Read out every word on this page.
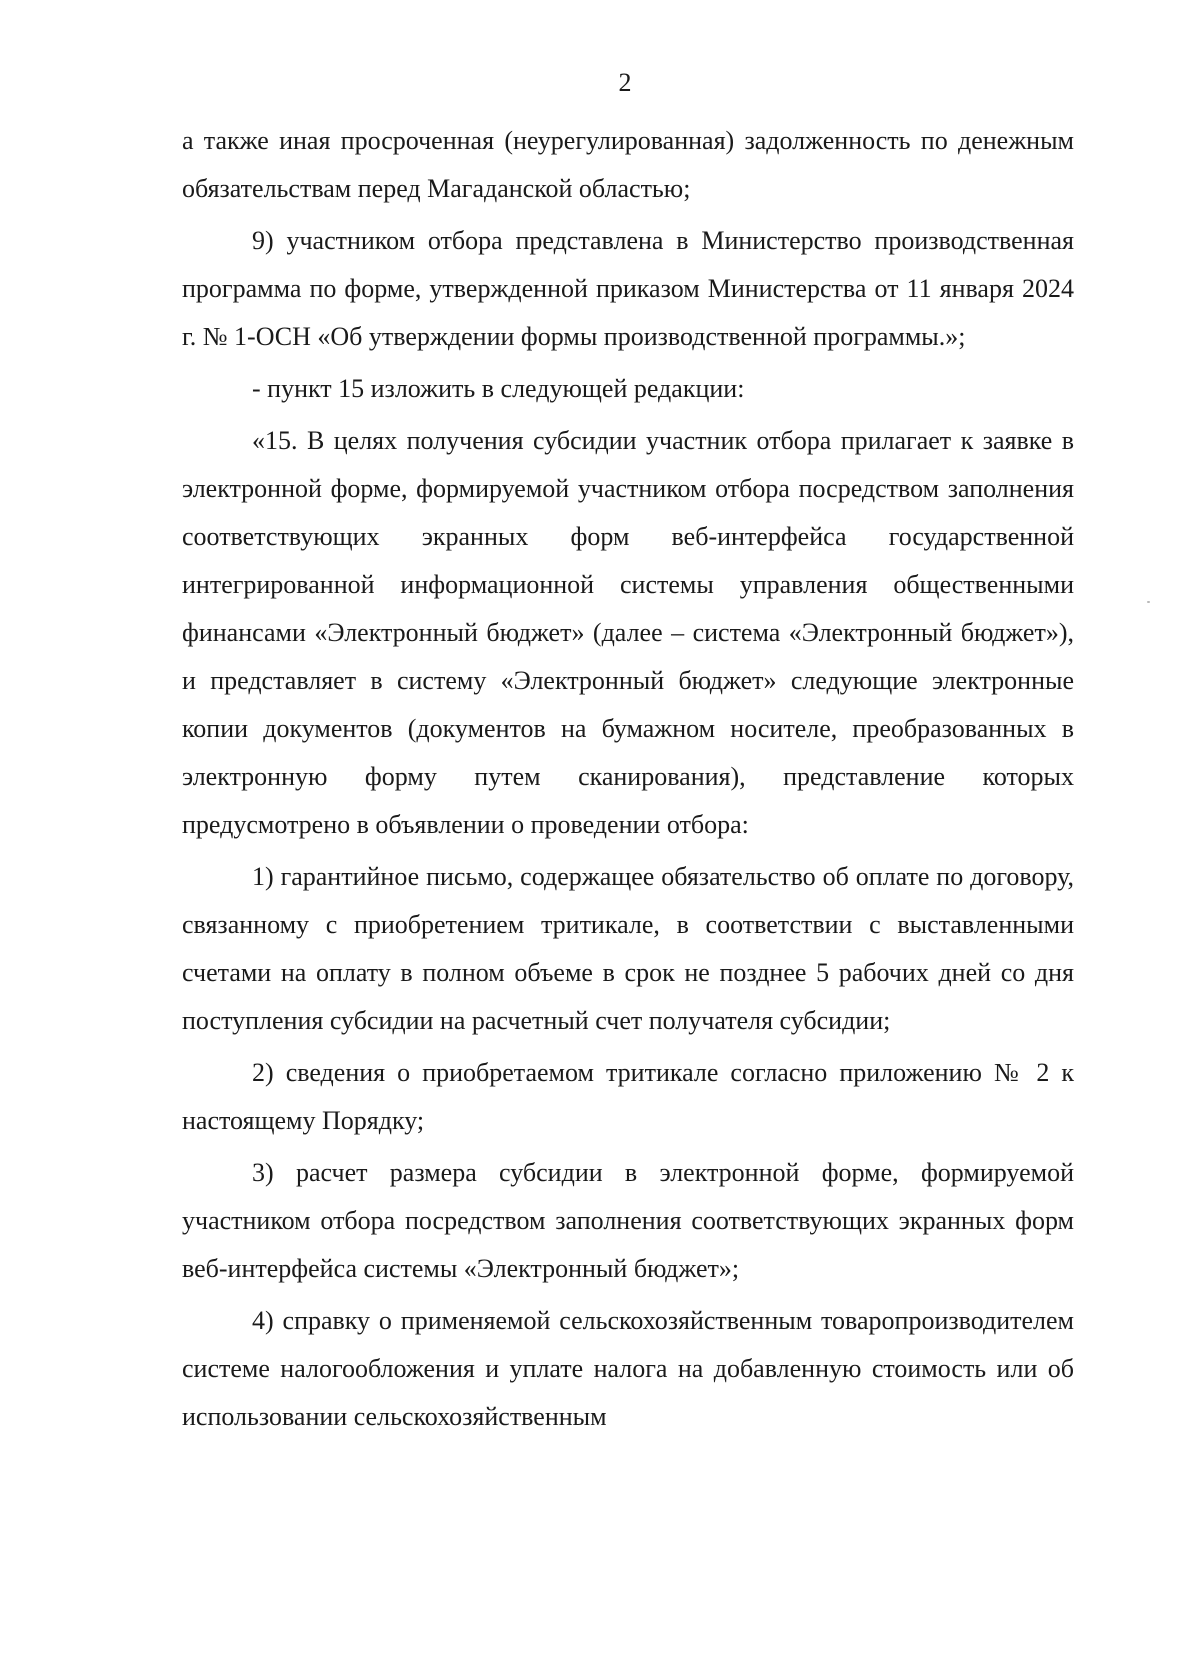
2

а также иная просроченная (неурегулированная) задолженность по денежным обязательствам перед Магаданской областью;

9) участником отбора представлена в Министерство производственная программа по форме, утвержденной приказом Министерства от 11 января 2024 г. № 1-ОСН «Об утверждении формы производственной программы.»;

- пункт 15 изложить в следующей редакции:

«15. В целях получения субсидии участник отбора прилагает к заявке в электронной форме, формируемой участником отбора посредством заполнения соответствующих экранных форм веб-интерфейса государственной интегрированной информационной системы управления общественными финансами «Электронный бюджет» (далее – система «Электронный бюджет»), и представляет в систему «Электронный бюджет» следующие электронные копии документов (документов на бумажном носителе, преобразованных в электронную форму путем сканирования), представление которых предусмотрено в объявлении о проведении отбора:

1) гарантийное письмо, содержащее обязательство об оплате по договору, связанному с приобретением тритикале, в соответствии с выставленными счетами на оплату в полном объеме в срок не позднее 5 рабочих дней со дня поступления субсидии на расчетный счет получателя субсидии;

2) сведения о приобретаемом тритикале согласно приложению № 2 к настоящему Порядку;

3) расчет размера субсидии в электронной форме, формируемой участником отбора посредством заполнения соответствующих экранных форм веб-интерфейса системы «Электронный бюджет»;

4) справку о применяемой сельскохозяйственным товаропроизводителем системе налогообложения и уплате налога на добавленную стоимость или об использовании сельскохозяйственным
